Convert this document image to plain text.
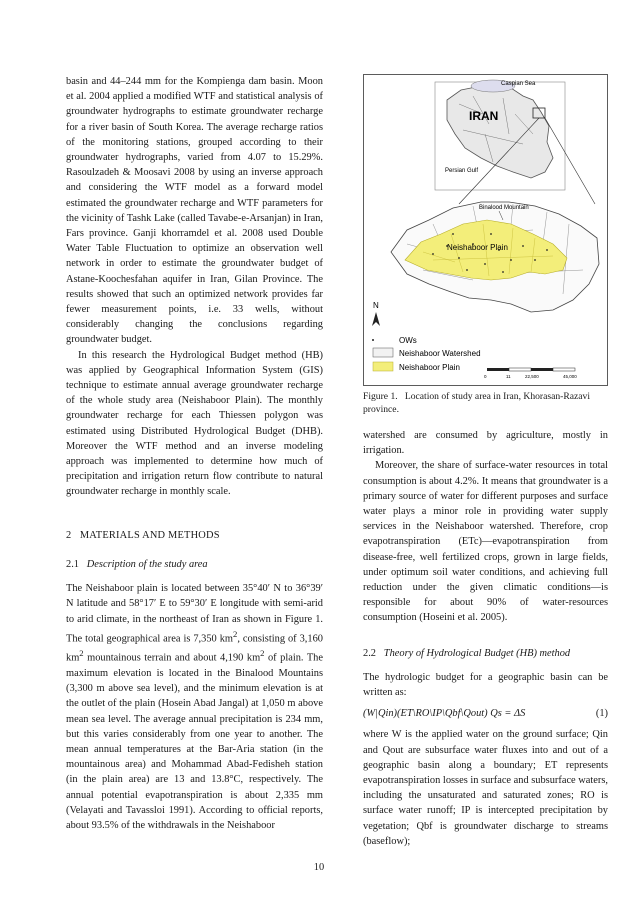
basin and 44–244 mm for the Kompienga dam basin. Moon et al. 2004 applied a modified WTF and statistical analysis of groundwater hydrographs to estimate groundwater recharge for a river basin of South Korea. The average recharge ratios of the monitoring stations, grouped according to their groundwater hydrographs, varied from 4.07 to 15.29%. Rasoulzadeh & Moosavi 2008 by using an inverse approach and considering the WTF model as a forward model estimated the groundwater recharge and WTF parameters for the vicinity of Tashk Lake (called Tavabe-e-Arsanjan) in Iran, Fars province. Ganji khorramdel et al. 2008 used Double Water Table Fluctuation to optimize an observation well network in order to estimate the groundwater budget of Astane-Koochesfahan aquifer in Iran, Gilan Province. The results showed that such an optimized network provides far fewer measurement points, i.e. 33 wells, without considerably changing the conclusions regarding groundwater budget.

In this research the Hydrological Budget method (HB) was applied by Geographical Information System (GIS) technique to estimate annual average groundwater recharge of the whole study area (Neishaboor Plain). The monthly groundwater recharge for each Thiessen polygon was estimated using Distributed Hydrological Budget (DHB). Moreover the WTF method and an inverse modeling approach was implemented to determine how much of precipitation and irrigation return flow contribute to natural groundwater recharge in monthly scale.

2 MATERIALS AND METHODS

2.1 Description of the study area

The Neishaboor plain is located between 35°40′ N to 36°39′ N latitude and 58°17′ E to 59°30′ E longitude with semi-arid to arid climate, in the northeast of Iran as shown in Figure 1. The total geographical area is 7,350 $km^2$, consisting of 3,160 $km^2$ mountainous terrain and about 4,190 $km^2$ of plain. The maximum elevation is located in the Binalood Mountains (3,300 m above sea level), and the minimum elevation is at the outlet of the plain (Hosein Abad Jangal) at 1,050 m above mean sea level. The average annual precipitation is 234 mm, but this varies considerably from one year to another. The mean annual temperatures at the Bar-Aria station (in the mountainous area) and Mohammad Abad-Fedisheh station (in the plain area) are 13 and 13.8°C, respectively. The annual potential evapotranspiration is about 2,335 mm (Velayati and Tavassloi 1991). According to official reports, about 93.5% of the withdrawals in the Neishaboor

Caspian Sea
IRAN
Persian Gulf
Binalood Mountain
Neishaboor Plain
N
OWs
Neishaboor Watershed
Neishaboor Plain
0	11	22,500	45,000

Figure 1. Location of study area in Iran, Khorasan-Razavi province.

watershed are consumed by agriculture, mostly in irrigation.

Moreover, the share of surface-water resources in total consumption is about 4.2%. It means that groundwater is a primary source of water for different purposes and surface water plays a minor role in providing water supply services in the Neishaboor watershed. Therefore, crop evapotranspiration (ETc)—evapotranspiration from disease-free, well fertilized crops, grown in large fields, under optimum soil water conditions, and achieving full reduction under the given climatic conditions—is responsible for about 90% of water-resources consumption (Hoseini et al. 2005).

2.2 Theory of Hydrological Budget (HB) method

The hydrologic budget for a geographic basin can be written as:

(W|Qin)(ET\RO\IP\Qbf\Qout) Qs = ΔS	(1)

where W is the applied water on the ground surface; Qin and Qout are subsurface water fluxes into and out of a geographic basin along a boundary; ET represents evapotranspiration losses in surface and subsurface waters, including the unsaturated and saturated zones; RO is surface water runoff; IP is intercepted precipitation by vegetation; Qbf is groundwater discharge to streams (baseflow);

10
